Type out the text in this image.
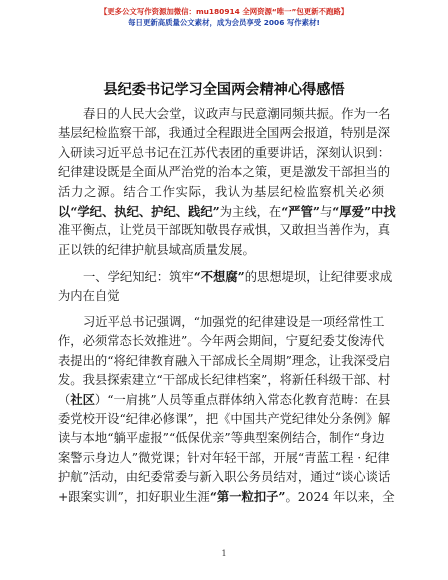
【更多公文写作资源加微信：mu180914 全网资源“唯一”包更新不跑路】
每日更新高质量公文素材，成为会员享受 2006 写作素材!
县纪委书记学习全国两会精神心得感悟
春日的人民大会堂，议政声与民意潮同频共振。作为一名
基层纪检监察干部，我通过全程跟进全国两会报道，特别是深
入研读习近平总书记在江苏代表团的重要讲话，深刻认识到：
纪律建设既是全面从严治党的治本之策，更是激发干部担当的
活力之源。结合工作实际，我认为基层纪检监察机关必须
以“学纪、执纪、护纪、践纪”为主线，在“严管”与“厚爱”中找
准平衡点，让党员干部既知敬畏存戒惧，又敢担当善作为，真
正以铁的纪律护航县域高质量发展。
一、学纪知纪：筑牢“不想腐”的思想堤坝，让纪律要求成
为内在自觉
习近平总书记强调，“加强党的纪律建设是一项经常性工
作，必须常态长效推进”。今年两会期间，宁夏纪委艾俊涛代
表提出的“将纪律教育融入干部成长全周期”理念，让我深受启
发。我县探索建立“干部成长纪律档案”，将新任科级干部、村
（社区）“一肩挑”人员等重点群体纳入常态化教育范畴：在县
委党校开设“纪律必修课”，把《中国共产党纪律处分条例》解
读与本地“躺平虚报”“低保优亲”等典型案例结合，制作“身边
案警示身边人”微党课；针对年轻干部，开展“青蓝工程 · 纪律
护航”活动，由纪委常委与新入职公务员结对，通过“谈心谈话
+跟案实训”，扣好职业生涯“第一粒扣子”。2024 年以来，全
1
